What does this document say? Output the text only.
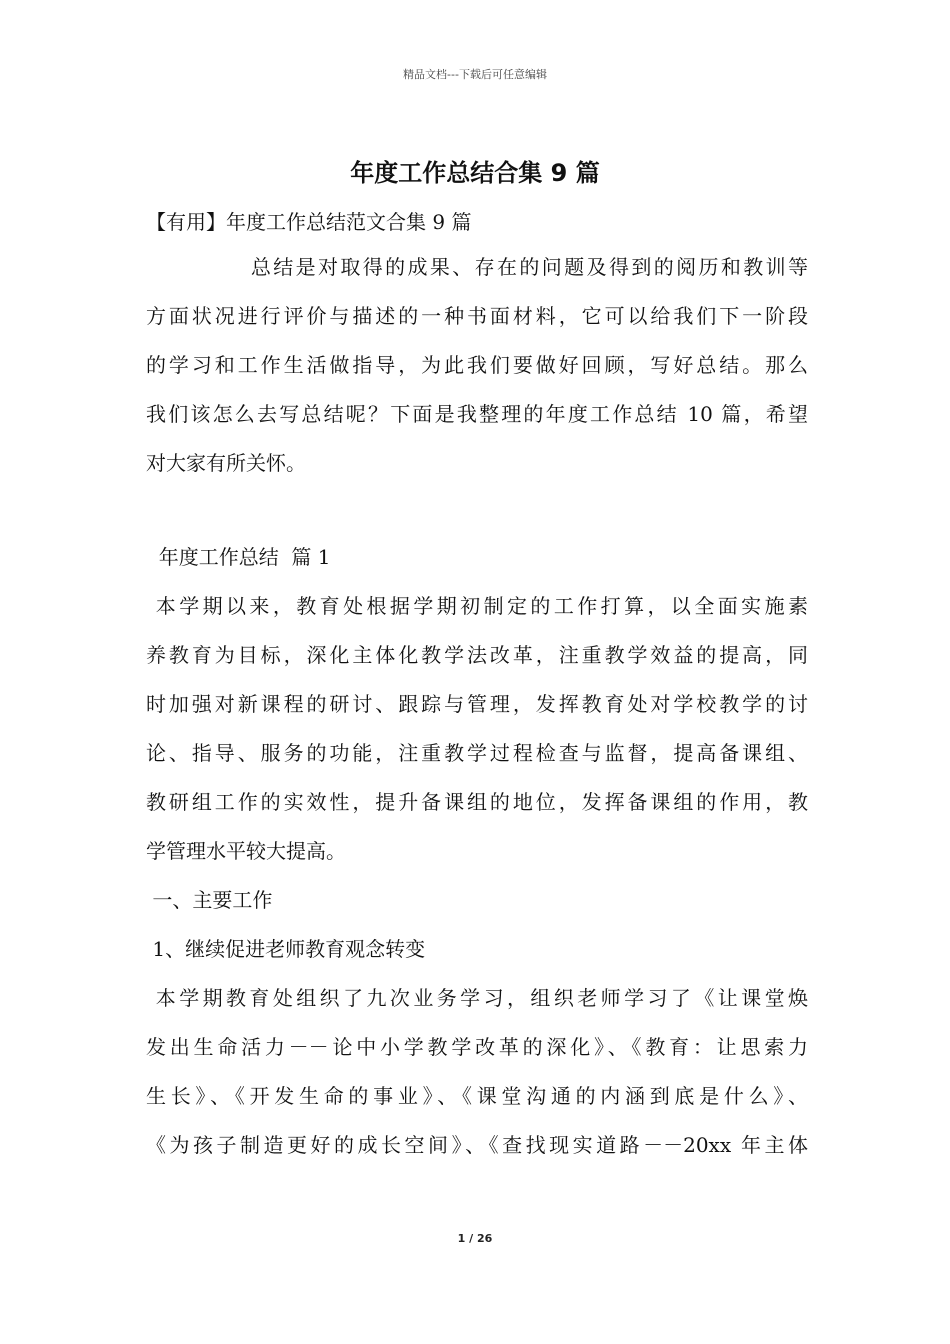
精品文档---下载后可任意编辑
年度工作总结合集 9 篇
【有用】年度工作总结范文合集 9 篇
总结是对取得的成果、存在的问题及得到的阅历和教训等
方面状况进行评价与描述的一种书面材料，它可以给我们下一阶段
的学习和工作生活做指导，为此我们要做好回顾，写好总结。那么
我们该怎么去写总结呢？下面是我整理的年度工作总结 10 篇，希望
对大家有所关怀。
年度工作总结  篇 1
本学期以来，教育处根据学期初制定的工作打算，以全面实施素
养教育为目标，深化主体化教学法改革，注重教学效益的提高，同
时加强对新课程的研讨、跟踪与管理，发挥教育处对学校教学的讨
论、指导、服务的功能，注重教学过程检查与监督，提高备课组、
教研组工作的实效性，提升备课组的地位，发挥备课组的作用，教
学管理水平较大提高。
一、主要工作
1、继续促进老师教育观念转变
本学期教育处组织了九次业务学习，组织老师学习了《让课堂焕
发出生命活力－－论中小学教学改革的深化》、《教育：让思索力
生长》、《开发生命的事业》、《课堂沟通的内涵到底是什么》、
《为孩子制造更好的成长空间》、《查找现实道路－－20xx 年主体
1 / 26
